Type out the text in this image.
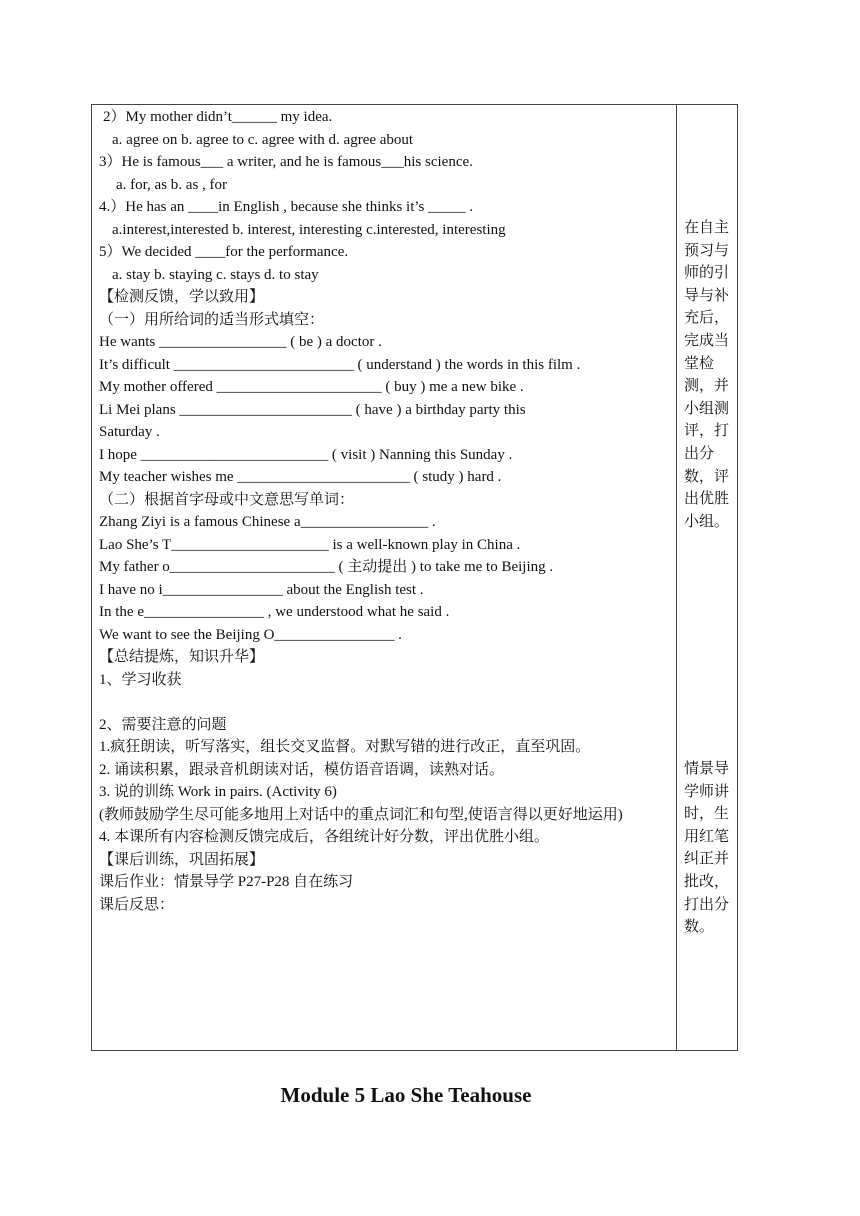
2）My mother didn’t______ my idea.
a. agree on b. agree to c. agree with d. agree about
3）He is famous___ a writer, and he is famous___his science.
a. for, as b. as , for
4.）He has an ____in English , because she thinks it’s _____ .
a.interest,interested b. interest, interesting c.interested, interesting
5）We decided ____for the performance.
a. stay b. staying c. stays d. to stay
【检测反馈，学以致用】
（一）用所给词的适当形式填空：
He wants _________________ ( be ) a doctor .
It’s difficult ________________________ ( understand ) the words in this film .
My mother offered ______________________ ( buy ) me a new bike .
Li Mei plans _______________________ ( have ) a birthday party this
Saturday .
I hope _________________________ ( visit ) Nanning this Sunday .
My teacher wishes me _______________________ ( study ) hard .
（二）根据首字母或中文意思写单词：
Zhang Ziyi is a famous Chinese a_________________ .
Lao She’s T_____________________ is a well-known play in China .
My father o______________________ ( 主动提出 ) to take me to Beijing .
I have no i________________ about the English test .
In the e________________ , we understood what he said .
We want to see the Beijing O________________ .
【总结提炼，知识升华】
1、学习收获
2、需要注意的问题
1.疯狂朗读，听写落实，组长交叉监督。对默写错的进行改正，直至巩固。
2. 诵读积累，跟录音机朗读对话，模仿语音语调，读熟对话。
3. 说的训练 Work in pairs. (Activity 6)
(教师鼓励学生尽可能多地用上对话中的重点词汇和句型,使语言得以更好地运用)
4. 本课所有内容检测反馈完成后，各组统计好分数，评出优胜小组。
【课后训练，巩固拓展】
课后作业：情景导学 P27-P28 自在练习
课后反思：
在自主预习与师的引导与补充后，完成当堂检测，并小组测评，打出分数，评出优胜小组。
情景导学师讲时，生用红笔纠正并批改，打出分数。
Module 5 Lao She Teahouse
